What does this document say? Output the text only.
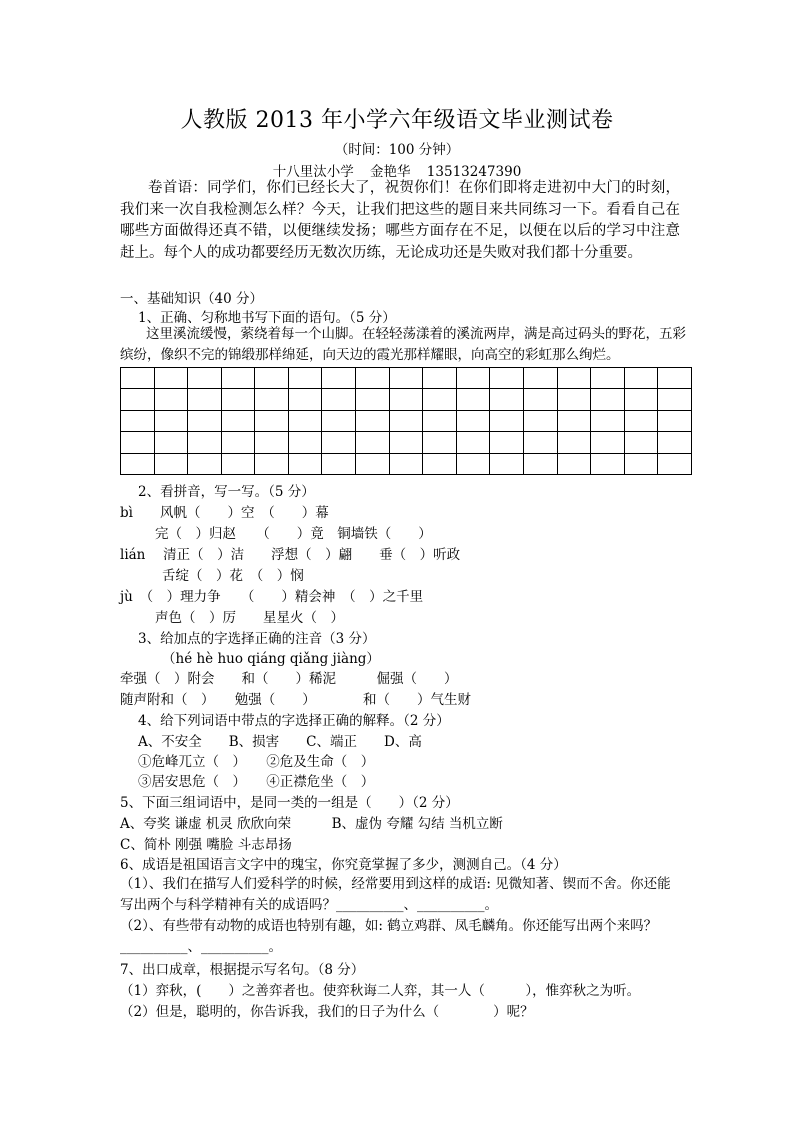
人教版 2013 年小学六年级语文毕业测试卷
（时间：100 分钟）
十八里汰小学 金艳华 13513247390
卷首语：同学们，你们已经长大了，祝贺你们！在你们即将走进初中大门的时刻，我们来一次自我检测怎么样？今天，让我们把这些的题目来共同练习一下。看看自己在哪些方面做得还真不错，以便继续发扬；哪些方面存在不足，以便在以后的学习中注意赶上。每个人的成功都要经历无数次历练，无论成功还是失败对我们都十分重要。
一、基础知识（40 分）
1、正确、匀称地书写下面的语句。（5 分）
这里溪流缓慢，萦绕着每一个山脚。在轻轻荡漾着的溪流两岸，满是高过码头的野花，五彩缤纷，像织不完的锦缎那样绵延，向天边的霞光那样耀眼，向高空的彩虹那么绚烂。

2、看拼音，写一写。（5 分）
bì　　风帆（　　）空　（　　）幕
完（　）归赵　　（　　）竟　铜墙铁（　　）
lián　 清正（　）洁　　浮想（　）翩　　垂（　）听政
舌绽（　）花　（　）悯
jù　（　）理力争　　（　　）精会神　（　）之千里
声色（　）厉　　星星火（　）
3、给加点的字选择正确的注音（3 分）
（hé hè huo qiáng qiǎng jiàng）
牵强（　）附会　　和（　　）稀泥　　　倔强（　　）
随声附和（　）　　勉强（　　）　　　　和（　　）气生财
4、给下列词语中带点的字选择正确的解释。（2 分）
A、不安全　　B、损害　　C、端正　　D、高
①危峰兀立（　）　　②危及生命（　）
③居安思危（　）　　④正襟危坐（　）
5、下面三组词语中，是同一类的一组是（　　）（2 分）
A、夸奖 谦虚 机灵 欣欣向荣　　　B、虚伪 夸耀 勾结 当机立断
C、简朴 刚强 嘴脸 斗志昂扬
6、成语是祖国语言文字中的瑰宝，你究竟掌握了多少，测测自己。（4 分）
（1）、我们在描写人们爱科学的时候，经常要用到这样的成语: 见微知著、锲而不舍。你还能写出两个与科学精神有关的成语吗？__________、__________。
（2）、有些带有动物的成语也特别有趣，如: 鹤立鸡群、凤毛麟角。你还能写出两个来吗？__________、__________。
7、出口成章，根据提示写名句。（8 分）
（1）弈秋，(　　）之善弈者也。使弈秋诲二人弈，其一人（　　　），惟弈秋之为听。
（2）但是，聪明的，你告诉我，我们的日子为什么（　　　　）呢？
